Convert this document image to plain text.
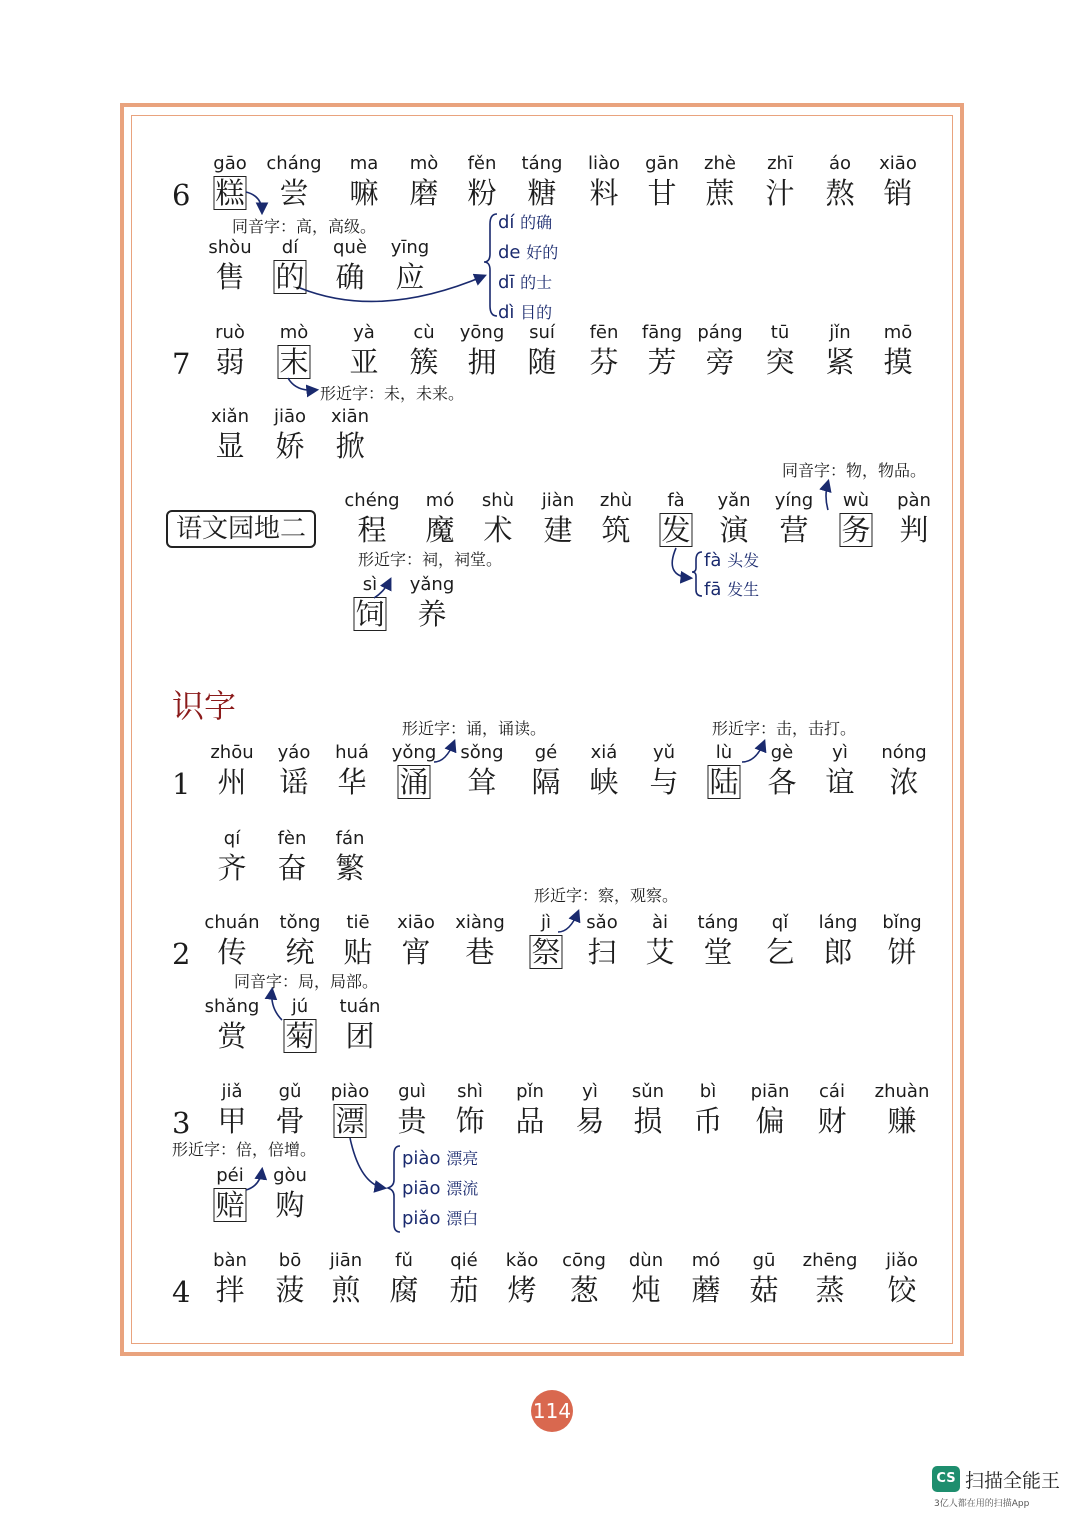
6
gāo
糕
cháng
尝
ma
嘛
mò
磨
fěn
粉
táng
糖
liào
料
gān
甘
zhè
蔗
zhī
汁
áo
熬
xiāo
销
shòu
售
dí
的
què
确
yīng
应
7
ruò
弱
mò
末
yà
亚
cù
簇
yōng
拥
suí
随
fēn
芬
fāng
芳
páng
旁
tū
突
jǐn
紧
mō
摸
xiǎn
显
jiāo
娇
xiān
掀
chéng
程
mó
魔
shù
术
jiàn
建
zhù
筑
fà
发
yǎn
演
yíng
营
wù
务
pàn
判
sì
饲
yǎng
养
1
zhōu
州
yáo
谣
huá
华
yǒng
涌
sǒng
耸
gé
隔
xiá
峡
yǔ
与
lù
陆
gè
各
yì
谊
nóng
浓
qí
齐
fèn
奋
fán
繁
2
chuán
传
tǒng
统
tiē
贴
xiāo
宵
xiàng
巷
jì
祭
sǎo
扫
ài
艾
táng
堂
qǐ
乞
láng
郎
bǐng
饼
shǎng
赏
jú
菊
tuán
团
3
jiǎ
甲
gǔ
骨
piào
漂
guì
贵
shì
饰
pǐn
品
yì
易
sǔn
损
bì
币
piān
偏
cái
财
zhuàn
赚
péi
赔
gòu
购
4
bàn
拌
bō
菠
jiān
煎
fǔ
腐
qié
茄
kǎo
烤
cōng
葱
dùn
炖
mó
蘑
gū
菇
zhēng
蒸
jiǎo
饺
语文园地二
识字
同音字：高，高级。
形近字：未，未来。
同音字：物，物品。
形近字：祠，祠堂。
形近字：诵，诵读。	形近字：击，击打。
形近字：察，观察。
同音字：局，局部。
形近字：倍，倍增。
dí 的确
de 好的
dī 的士
dì 目的
fà 头发
fā 发生
piào 漂亮
piāo 漂流
piǎo 漂白
114
CS 扫描全能王
3亿人都在用的扫描App
